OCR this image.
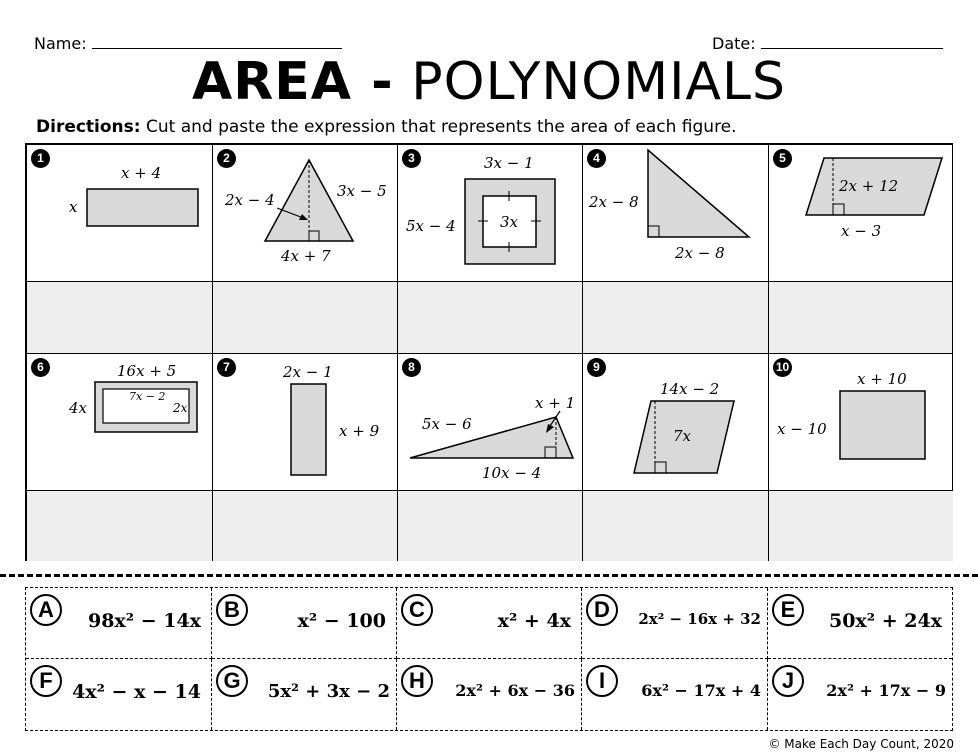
Name:	Date:
AREA - POLYNOMIALS
Directions: Cut and paste the expression that represents the area of each figure.
x + 4
x
1
2x − 4	3x − 5
4x + 7
2	3x − 1
5x − 4	3x
3
2x − 8
2x − 8
4
2x + 12
x − 3
5
16x + 5
4x
7x − 2
2x
6	2x − 1
x + 9
7
5x − 6
x + 1
10x − 4
8
14x − 2
7x
9
x + 10
x − 10
10
A	98x² − 14x	B	x² − 100	C	x² + 4x	D	2x² − 16x + 32 E	50x² + 24x
F	4x² − x − 14	G	5x² + 3x − 2 H	2x² + 6x − 36	I	6x² − 17x + 4 J	2x² + 17x − 9
© Make Each Day Count, 2020
